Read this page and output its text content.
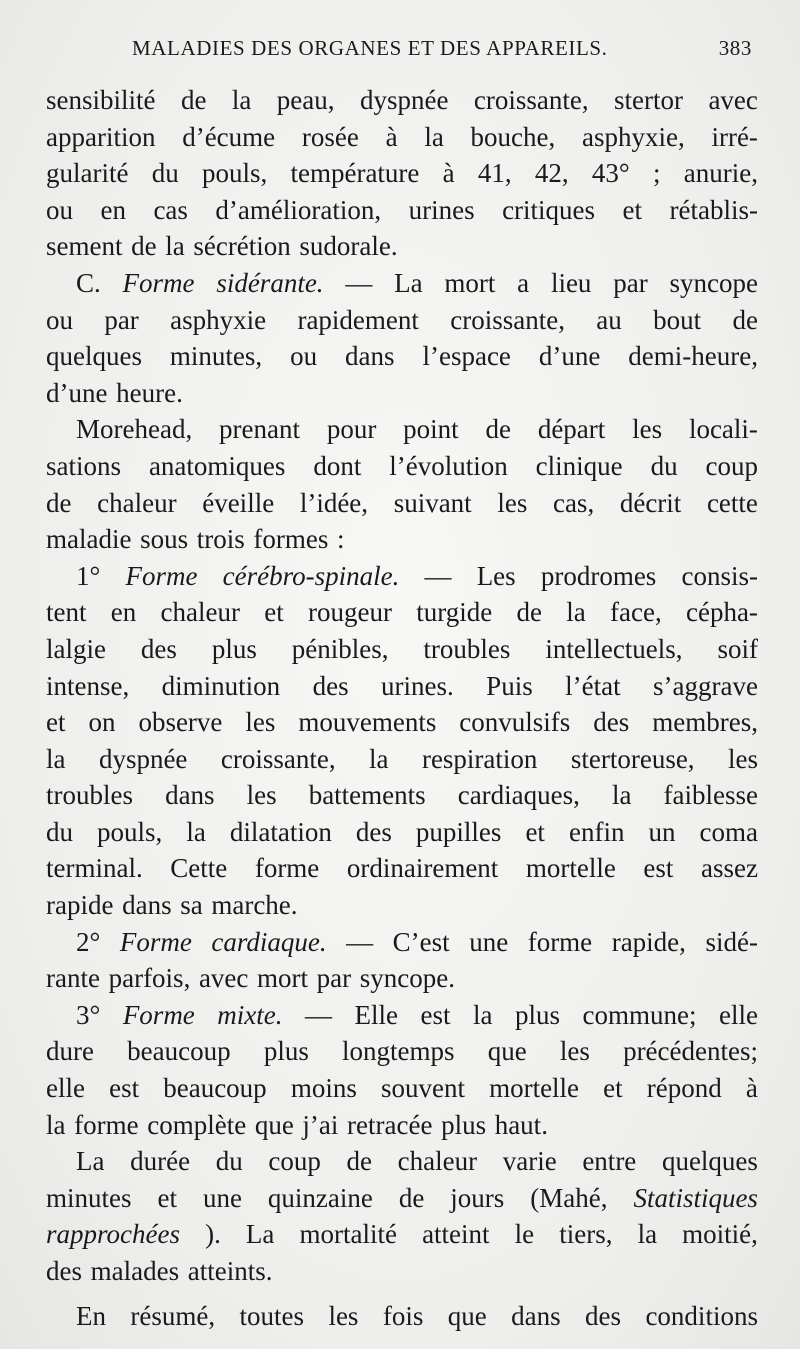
MALADIES DES ORGANES ET DES APPAREILS.	383
sensibilité de la peau, dyspnée croissante, stertor avec
apparition d’écume rosée à la bouche, asphyxie, irré-
gularité du pouls, température à 41, 42, 43° ; anurie,
ou en cas d’amélioration, urines critiques et rétablis-
sement de la sécrétion sudorale.
C. Forme sidérante. — La mort a lieu par syncope
ou par asphyxie rapidement croissante, au bout de
quelques minutes, ou dans l’espace d’une demi-heure,
d’une heure.
Morehead, prenant pour point de départ les locali-
sations anatomiques dont l’évolution clinique du coup
de chaleur éveille l’idée, suivant les cas, décrit cette
maladie sous trois formes :
1° Forme cérébro-spinale. — Les prodromes consis-
tent en chaleur et rougeur turgide de la face, cépha-
lalgie des plus pénibles, troubles intellectuels, soif
intense, diminution des urines. Puis l’état s’aggrave
et on observe les mouvements convulsifs des membres,
la dyspnée croissante, la respiration stertoreuse, les
troubles dans les battements cardiaques, la faiblesse
du pouls, la dilatation des pupilles et enfin un coma
terminal. Cette forme ordinairement mortelle est assez
rapide dans sa marche.
2° Forme cardiaque. — C’est une forme rapide, sidé-
rante parfois, avec mort par syncope.
3° Forme mixte. — Elle est la plus commune; elle
dure beaucoup plus longtemps que les précédentes;
elle est beaucoup moins souvent mortelle et répond à
la forme complète que j’ai retracée plus haut.
La durée du coup de chaleur varie entre quelques
minutes et une quinzaine de jours (Mahé, Statistiques
rapprochées ). La mortalité atteint le tiers, la moitié,
des malades atteints.
En résumé, toutes les fois que dans des conditions
